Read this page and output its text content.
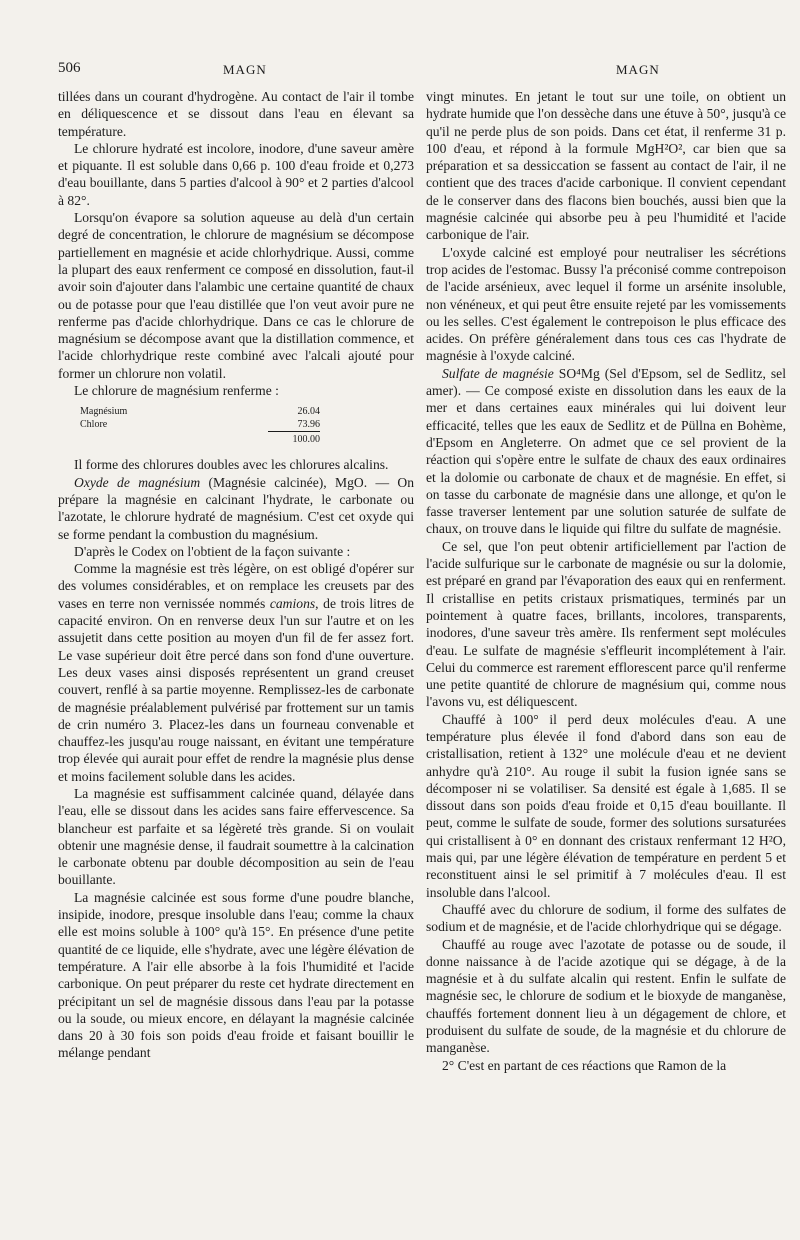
506	MAGN	MAGN

tillées dans un courant d'hydrogène. Au contact de l'air il tombe en déliquescence et se dissout dans l'eau en élevant sa température.

Le chlorure hydraté est incolore, inodore, d'une saveur amère et piquante. Il est soluble dans 0,66 p. 100 d'eau froide et 0,273 d'eau bouillante, dans 5 parties d'alcool à 90° et 2 parties d'alcool à 82°.

Lorsqu'on évapore sa solution aqueuse au delà d'un certain degré de concentration, le chlorure de magnésium se décompose partiellement en magnésie et acide chlorhydrique. Aussi, comme la plupart des eaux renferment ce composé en dissolution, faut-il avoir soin d'ajouter dans l'alambic une certaine quantité de chaux ou de potasse pour que l'eau distillée que l'on veut avoir pure ne renferme pas d'acide chlorhydrique. Dans ce cas le chlorure de magnésium se décompose avant que la distillation commence, et l'acide chlorhydrique reste combiné avec l'alcali ajouté pour former un chlorure non volatil.

Le chlorure de magnésium renferme :

Magnésium	26.04
Chlore	73.96
100.00

Il forme des chlorures doubles avec les chlorures alcalins.

Oxyde de magnésium (Magnésie calcinée), MgO. — On prépare la magnésie en calcinant l'hydrate, le carbonate ou l'azotate, le chlorure hydraté de magnésium. C'est cet oxyde qui se forme pendant la combustion du magnésium.

D'après le Codex on l'obtient de la façon suivante :

Comme la magnésie est très légère, on est obligé d'opérer sur des volumes considérables, et on remplace les creusets par des vases en terre non vernissée nommés camions, de trois litres de capacité environ. On en renverse deux l'un sur l'autre et on les assujetit dans cette position au moyen d'un fil de fer assez fort. Le vase supérieur doit être percé dans son fond d'une ouverture. Les deux vases ainsi disposés représentent un grand creuset couvert, renflé à sa partie moyenne. Remplissez-les de carbonate de magnésie préalablement pulvérisé par frottement sur un tamis de crin numéro 3. Placez-les dans un fourneau convenable et chauffez-les jusqu'au rouge naissant, en évitant une température trop élevée qui aurait pour effet de rendre la magnésie plus dense et moins facilement soluble dans les acides.

La magnésie est suffisamment calcinée quand, délayée dans l'eau, elle se dissout dans les acides sans faire effervescence. Sa blancheur est parfaite et sa légèreté très grande. Si on voulait obtenir une magnésie dense, il faudrait soumettre à la calcination le carbonate obtenu par double décomposition au sein de l'eau bouillante.

La magnésie calcinée est sous forme d'une poudre blanche, insipide, inodore, presque insoluble dans l'eau; comme la chaux elle est moins soluble à 100° qu'à 15°. En présence d'une petite quantité de ce liquide, elle s'hydrate, avec une légère élévation de température. A l'air elle absorbe à la fois l'humidité et l'acide carbonique. On peut préparer du reste cet hydrate directement en précipitant un sel de magnésie dissous dans l'eau par la potasse ou la soude, ou mieux encore, en délayant la magnésie calcinée dans 20 à 30 fois son poids d'eau froide et faisant bouillir le mélange pendant

vingt minutes. En jetant le tout sur une toile, on obtient un hydrate humide que l'on dessèche dans une étuve à 50°, jusqu'à ce qu'il ne perde plus de son poids. Dans cet état, il renferme 31 p. 100 d'eau, et répond à la formule MgH²O², car bien que sa préparation et sa dessiccation se fassent au contact de l'air, il ne contient que des traces d'acide carbonique. Il convient cependant de le conserver dans des flacons bien bouchés, aussi bien que la magnésie calcinée qui absorbe peu à peu l'humidité et l'acide carbonique de l'air.

L'oxyde calciné est employé pour neutraliser les sécrétions trop acides de l'estomac. Bussy l'a préconisé comme contrepoison de l'acide arsénieux, avec lequel il forme un arsénite insoluble, non vénéneux, et qui peut être ensuite rejeté par les vomissements ou les selles. C'est également le contrepoison le plus efficace des acides. On préfère généralement dans tous ces cas l'hydrate de magnésie à l'oxyde calciné.

Sulfate de magnésie SO⁴Mg (Sel d'Epsom, sel de Sedlitz, sel amer). — Ce composé existe en dissolution dans les eaux de la mer et dans certaines eaux minérales qui lui doivent leur efficacité, telles que les eaux de Sedlitz et de Püllna en Bohème, d'Epsom en Angleterre. On admet que ce sel provient de la réaction qui s'opère entre le sulfate de chaux des eaux ordinaires et la dolomie ou carbonate de chaux et de magnésie. En effet, si on tasse du carbonate de magnésie dans une allonge, et qu'on le fasse traverser lentement par une solution saturée de sulfate de chaux, on trouve dans le liquide qui filtre du sulfate de magnésie.

Ce sel, que l'on peut obtenir artificiellement par l'action de l'acide sulfurique sur le carbonate de magnésie ou sur la dolomie, est préparé en grand par l'évaporation des eaux qui en renferment. Il cristallise en petits cristaux prismatiques, terminés par un pointement à quatre faces, brillants, incolores, transparents, inodores, d'une saveur très amère. Ils renferment sept molécules d'eau. Le sulfate de magnésie s'effleurit incomplétement à l'air. Celui du commerce est rarement efflorescent parce qu'il renferme une petite quantité de chlorure de magnésium qui, comme nous l'avons vu, est déliquescent.

Chauffé à 100° il perd deux molécules d'eau. A une température plus élevée il fond d'abord dans son eau de cristallisation, retient à 132° une molécule d'eau et ne devient anhydre qu'à 210°. Au rouge il subit la fusion ignée sans se décomposer ni se volatiliser. Sa densité est égale à 1,685. Il se dissout dans son poids d'eau froide et 0,15 d'eau bouillante. Il peut, comme le sulfate de soude, former des solutions sursaturées qui cristallisent à 0° en donnant des cristaux renfermant 12 H²O, mais qui, par une légère élévation de température en perdent 5 et reconstituent ainsi le sel primitif à 7 molécules d'eau. Il est insoluble dans l'alcool.

Chauffé avec du chlorure de sodium, il forme des sulfates de sodium et de magnésie, et de l'acide chlorhydrique qui se dégage.

Chauffé au rouge avec l'azotate de potasse ou de soude, il donne naissance à de l'acide azotique qui se dégage, à de la magnésie et à du sulfate alcalin qui restent. Enfin le sulfate de magnésie sec, le chlorure de sodium et le bioxyde de manganèse, chauffés fortement donnent lieu à un dégagement de chlore, et produisent du sulfate de soude, de la magnésie et du chlorure de manganèse.

2° C'est en partant de ces réactions que Ramon de la
